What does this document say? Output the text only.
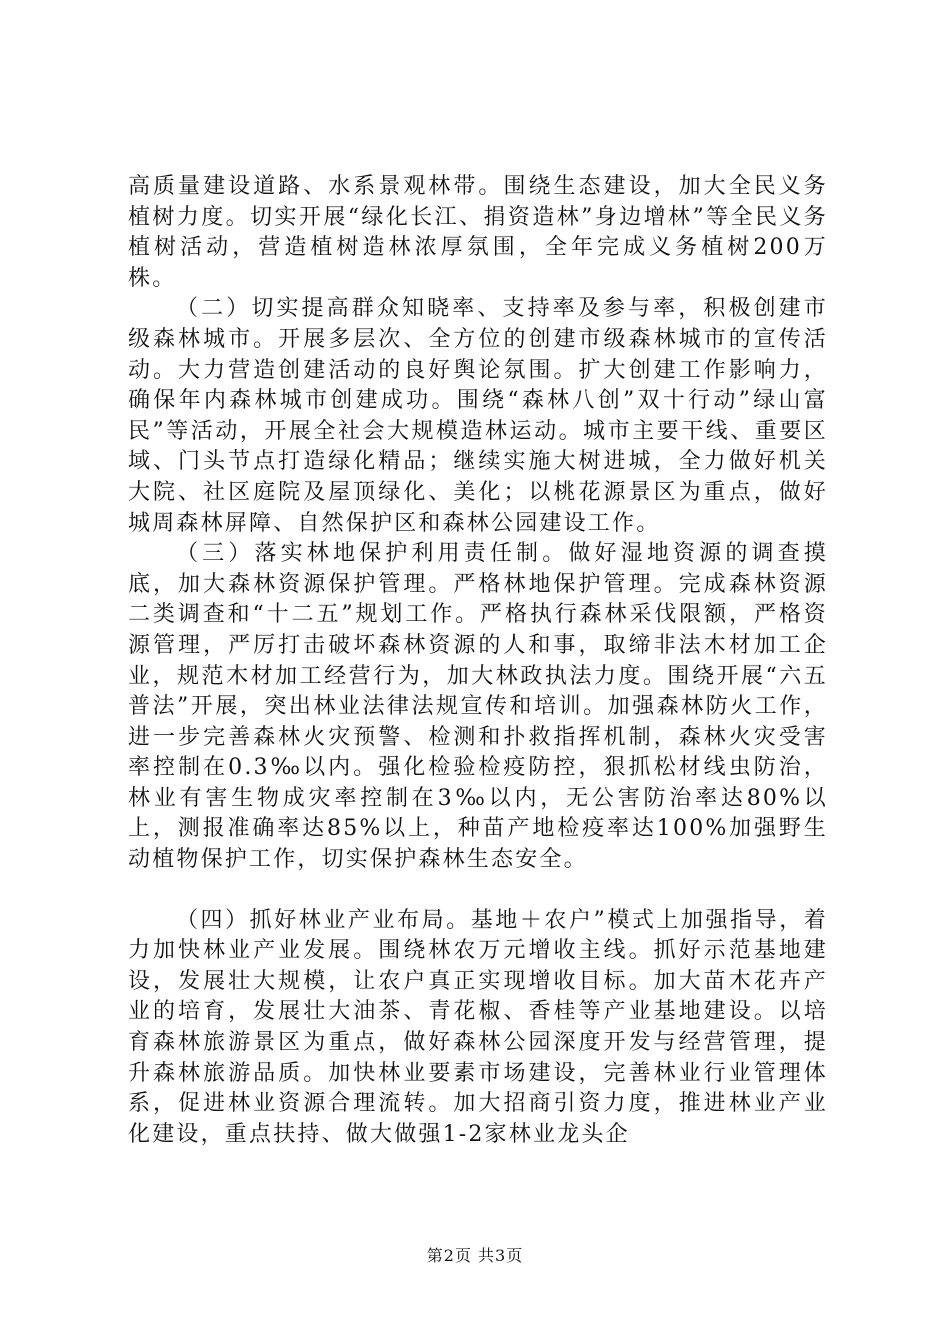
高质量建设道路、水系景观林带。围绕生态建设，加大全民义务植树力度。切实开展“绿化长江、捐资造林”身边增林”等全民义务植树活动，营造植树造林浓厚氛围，全年完成义务植树200万株。

（二）切实提高群众知晓率、支持率及参与率，积极创建市级森林城市。开展多层次、全方位的创建市级森林城市的宣传活动。大力营造创建活动的良好舆论氛围。扩大创建工作影响力，确保年内森林城市创建成功。围绕“森林八创”双十行动”绿山富民”等活动，开展全社会大规模造林运动。城市主要干线、重要区域、门头节点打造绿化精品；继续实施大树进城，全力做好机关大院、社区庭院及屋顶绿化、美化；以桃花源景区为重点，做好城周森林屏障、自然保护区和森林公园建设工作。

（三）落实林地保护利用责任制。做好湿地资源的调查摸底，加大森林资源保护管理。严格林地保护管理。完成森林资源二类调查和“十二五”规划工作。严格执行森林采伐限额，严格资源管理，严厉打击破坏森林资源的人和事，取缔非法木材加工企业，规范木材加工经营行为，加大林政执法力度。围绕开展“六五普法”开展，突出林业法律法规宣传和培训。加强森林防火工作，进一步完善森林火灾预警、检测和扑救指挥机制，森林火灾受害率控制在0.3‰以内。强化检验检疫防控，狠抓松材线虫防治，林业有害生物成灾率控制在3‰以内，无公害防治率达80%以上，测报准确率达85%以上，种苗产地检疫率达100%加强野生动植物保护工作，切实保护森林生态安全。

（四）抓好林业产业布局。基地＋农户”模式上加强指导，着力加快林业产业发展。围绕林农万元增收主线。抓好示范基地建设，发展壮大规模，让农户真正实现增收目标。加大苗木花卉产业的培育，发展壮大油茶、青花椒、香桂等产业基地建设。以培育森林旅游景区为重点，做好森林公园深度开发与经营管理，提升森林旅游品质。加快林业要素市场建设，完善林业行业管理体系，促进林业资源合理流转。加大招商引资力度，推进林业产业化建设，重点扶持、做大做强1-2家林业龙头企

第2页 共3页
